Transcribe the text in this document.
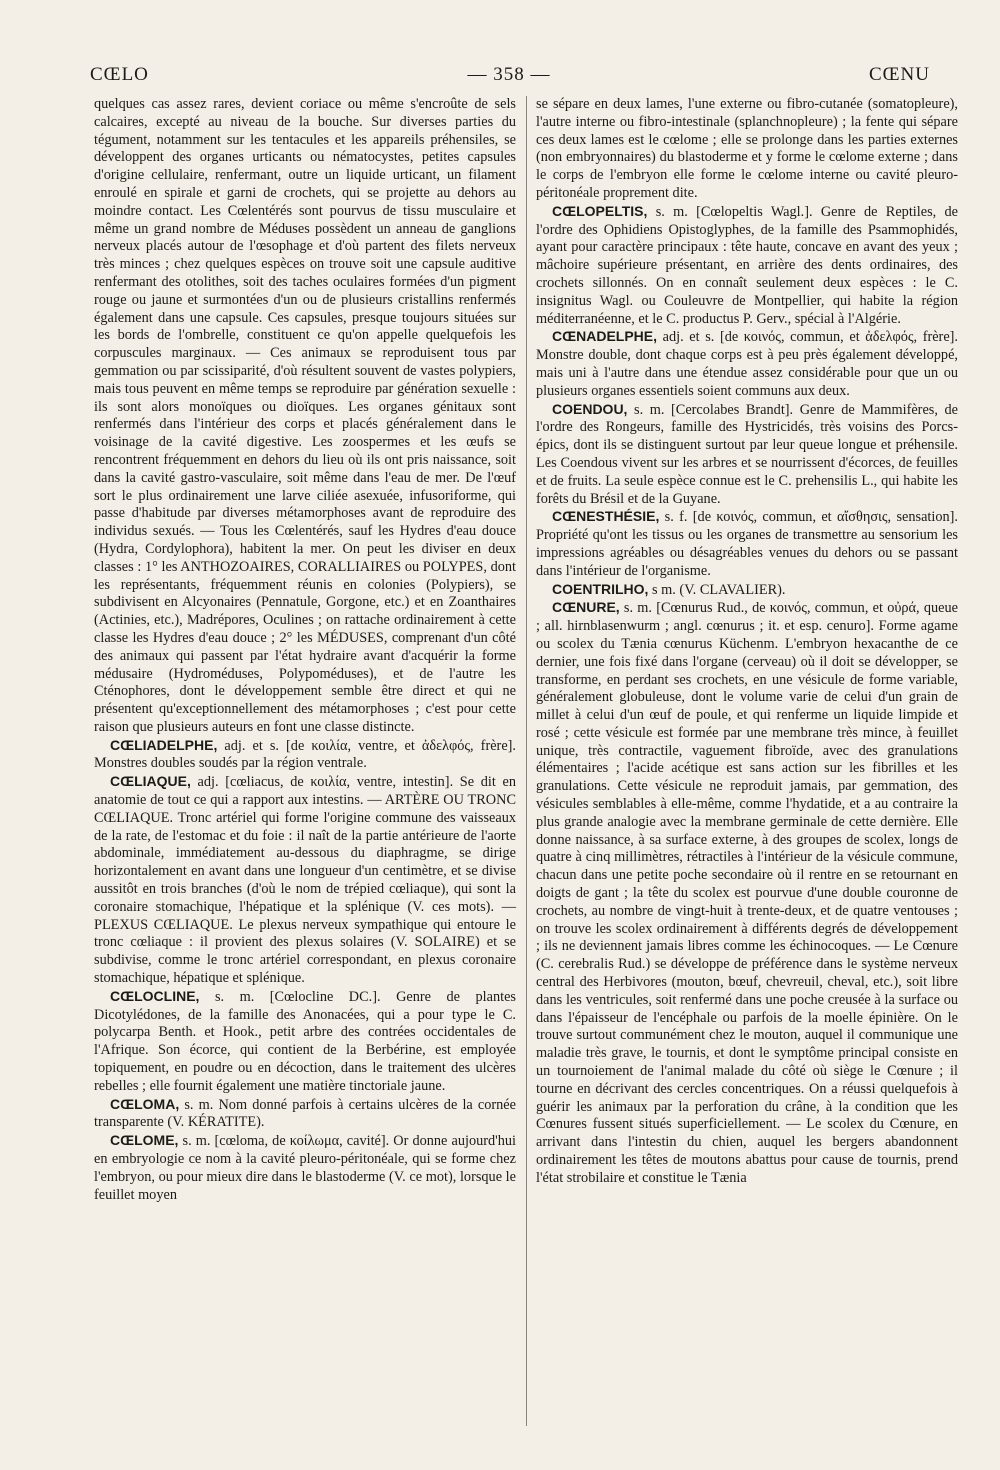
CŒLO	— 358 —	CŒNU

quelques cas assez rares, devient coriace ou même s'encroûte de sels calcaires, excepté au niveau de la bouche. Sur diverses parties du tégument, notamment sur les tentacules et les appareils préhensiles, se développent des organes urticants ou nématocystes, petites capsules d'origine cellulaire, renfermant, outre un liquide urticant, un filament enroulé en spirale et garni de crochets, qui se projette au dehors au moindre contact. Les Cœlentérés sont pourvus de tissu musculaire et même un grand nombre de Méduses possèdent un anneau de ganglions nerveux placés autour de l'œsophage et d'où partent des filets nerveux très minces ; chez quelques espèces on trouve soit une capsule auditive renfermant des otolithes, soit des taches oculaires formées d'un pigment rouge ou jaune et surmontées d'un ou de plusieurs cristallins renfermés également dans une capsule. Ces capsules, presque toujours situées sur les bords de l'ombrelle, constituent ce qu'on appelle quelquefois les corpuscules marginaux. — Ces animaux se reproduisent tous par gemmation ou par scissiparité, d'où résultent souvent de vastes polypiers, mais tous peuvent en même temps se reproduire par génération sexuelle : ils sont alors monoïques ou dioïques. Les organes génitaux sont renfermés dans l'intérieur des corps et placés généralement dans le voisinage de la cavité digestive. Les zoospermes et les œufs se rencontrent fréquemment en dehors du lieu où ils ont pris naissance, soit dans la cavité gastro-vasculaire, soit même dans l'eau de mer. De l'œuf sort le plus ordinairement une larve ciliée asexuée, infusoriforme, qui passe d'habitude par diverses métamorphoses avant de reproduire des individus sexués. — Tous les Cœlentérés, sauf les Hydres d'eau douce (Hydra, Cordylophora), habitent la mer. On peut les diviser en deux classes : 1° les ANTHOZOAIRES, CORALLIAIRES ou POLYPES, dont les représentants, fréquemment réunis en colonies (Polypiers), se subdivisent en Alcyonaires (Pennatule, Gorgone, etc.) et en Zoanthaires (Actinies, etc.), Madrépores, Oculines ; on rattache ordinairement à cette classe les Hydres d'eau douce ; 2° les MÉDUSES, comprenant d'un côté des animaux qui passent par l'état hydraire avant d'acquérir la forme médusaire (Hydroméduses, Polypoméduses), et de l'autre les Cténophores, dont le développement semble être direct et qui ne présentent qu'exceptionnellement des métamorphoses ; c'est pour cette raison que plusieurs auteurs en font une classe distincte.

CŒLIADELPHE, adj. et s. [de κοιλία, ventre, et ἀδελφός, frère]. Monstres doubles soudés par la région ventrale.

CŒLIAQUE, adj. [cœliacus, de κοιλία, ventre, intestin]. Se dit en anatomie de tout ce qui a rapport aux intestins. — ARTÈRE OU TRONC CŒLIAQUE. Tronc artériel qui forme l'origine commune des vaisseaux de la rate, de l'estomac et du foie : il naît de la partie antérieure de l'aorte abdominale, immédiatement au-dessous du diaphragme, se dirige horizontalement en avant dans une longueur d'un centimètre, et se divise aussitôt en trois branches (d'où le nom de trépied cœliaque), qui sont la coronaire stomachique, l'hépatique et la splénique (V. ces mots). — PLEXUS CŒLIAQUE. Le plexus nerveux sympathique qui entoure le tronc cœliaque : il provient des plexus solaires (V. SOLAIRE) et se subdivise, comme le tronc artériel correspondant, en plexus coronaire stomachique, hépatique et splénique.

CŒLOCLINE, s. m. [Cœlocline DC.]. Genre de plantes Dicotylédones, de la famille des Anonacées, qui a pour type le C. polycarpa Benth. et Hook., petit arbre des contrées occidentales de l'Afrique. Son écorce, qui contient de la Berbérine, est employée topiquement, en poudre ou en décoction, dans le traitement des ulcères rebelles ; elle fournit également une matière tinctoriale jaune.

CŒLOMA, s. m. Nom donné parfois à certains ulcères de la cornée transparente (V. KÉRATITE).

CŒLOME, s. m. [cœloma, de κοίλωμα, cavité]. Or donne aujourd'hui en embryologie ce nom à la cavité pleuro-péritonéale, qui se forme chez l'embryon, ou pour mieux dire dans le blastoderme (V. ce mot), lorsque le feuillet moyen

se sépare en deux lames, l'une externe ou fibro-cutanée (somatopleure), l'autre interne ou fibro-intestinale (splanchnopleure) ; la fente qui sépare ces deux lames est le cœlome ; elle se prolonge dans les parties externes (non embryonnaires) du blastoderme et y forme le cœlome externe ; dans le corps de l'embryon elle forme le cœlome interne ou cavité pleuro-péritonéale proprement dite.

CŒLOPELTIS, s. m. [Cœlopeltis Wagl.]. Genre de Reptiles, de l'ordre des Ophidiens Opistoglyphes, de la famille des Psammophidés, ayant pour caractère principaux : tête haute, concave en avant des yeux ; mâchoire supérieure présentant, en arrière des dents ordinaires, des crochets sillonnés. On en connaît seulement deux espèces : le C. insignitus Wagl. ou Couleuvre de Montpellier, qui habite la région méditerranéenne, et le C. productus P. Gerv., spécial à l'Algérie.

CŒNADELPHE, adj. et s. [de κοινός, commun, et ἀδελφός, frère]. Monstre double, dont chaque corps est à peu près également développé, mais uni à l'autre dans une étendue assez considérable pour que un ou plusieurs organes essentiels soient communs aux deux.

COENDOU, s. m. [Cercolabes Brandt]. Genre de Mammifères, de l'ordre des Rongeurs, famille des Hystricidés, très voisins des Porcs-épics, dont ils se distinguent surtout par leur queue longue et préhensile. Les Coendous vivent sur les arbres et se nourrissent d'écorces, de feuilles et de fruits. La seule espèce connue est le C. prehensilis L., qui habite les forêts du Brésil et de la Guyane.

CŒNESTHÉSIE, s. f. [de κοινός, commun, et αἴσθησις, sensation]. Propriété qu'ont les tissus ou les organes de transmettre au sensorium les impressions agréables ou désagréables venues du dehors ou se passant dans l'intérieur de l'organisme.

COENTRILHO, s m. (V. CLAVALIER).

CŒNURE, s. m. [Cœnurus Rud., de κοινός, commun, et οὐρά, queue ; all. hirnblasenwurm ; angl. cœnurus ; it. et esp. cenuro]. Forme agame ou scolex du Tænia cœnurus Küchenm. L'embryon hexacanthe de ce dernier, une fois fixé dans l'organe (cerveau) où il doit se développer, se transforme, en perdant ses crochets, en une vésicule de forme variable, généralement globuleuse, dont le volume varie de celui d'un grain de millet à celui d'un œuf de poule, et qui renferme un liquide limpide et rosé ; cette vésicule est formée par une membrane très mince, à feuillet unique, très contractile, vaguement fibroïde, avec des granulations élémentaires ; l'acide acétique est sans action sur les fibrilles et les granulations. Cette vésicule ne reproduit jamais, par gemmation, des vésicules semblables à elle-même, comme l'hydatide, et a au contraire la plus grande analogie avec la membrane germinale de cette dernière. Elle donne naissance, à sa surface externe, à des groupes de scolex, longs de quatre à cinq millimètres, rétractiles à l'intérieur de la vésicule commune, chacun dans une petite poche secondaire où il rentre en se retournant en doigts de gant ; la tête du scolex est pourvue d'une double couronne de crochets, au nombre de vingt-huit à trente-deux, et de quatre ventouses ; on trouve les scolex ordinairement à différents degrés de développement ; ils ne deviennent jamais libres comme les échinocoques. — Le Cœnure (C. cerebralis Rud.) se développe de préférence dans le système nerveux central des Herbivores (mouton, bœuf, chevreuil, cheval, etc.), soit libre dans les ventricules, soit renfermé dans une poche creusée à la surface ou dans l'épaisseur de l'encéphale ou parfois de la moelle épinière. On le trouve surtout communément chez le mouton, auquel il communique une maladie très grave, le tournis, et dont le symptôme principal consiste en un tournoiement de l'animal malade du côté où siège le Cœnure ; il tourne en décrivant des cercles concentriques. On a réussi quelquefois à guérir les animaux par la perforation du crâne, à la condition que les Cœnures fussent situés superficiellement. — Le scolex du Cœnure, en arrivant dans l'intestin du chien, auquel les bergers abandonnent ordinairement les têtes de moutons abattus pour cause de tournis, prend l'état strobilaire et constitue le Tænia
